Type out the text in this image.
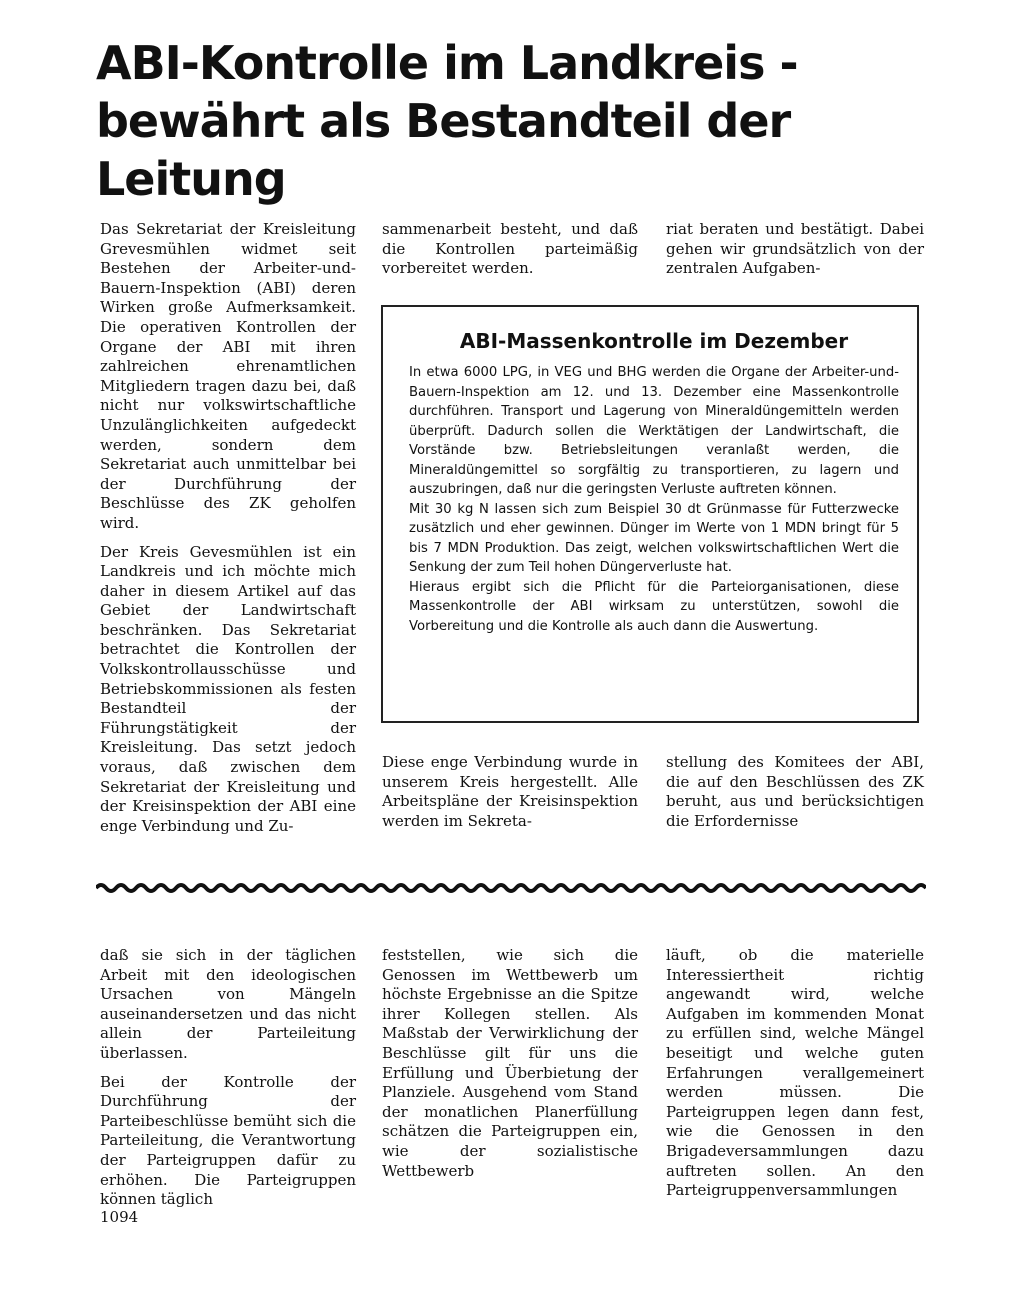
ABI-Kontrolle im Landkreis -
bewährt als Bestandteil der Leitung

Das Sekretariat der Kreisleitung Grevesmühlen widmet seit Bestehen der Arbeiter-und-Bauern-Inspektion (ABI) deren Wirken große Aufmerksamkeit. Die operativen Kontrollen der Organe der ABI mit ihren zahlreichen ehrenamtlichen Mitgliedern tragen dazu bei, daß nicht nur volkswirtschaftliche Unzulänglichkeiten aufgedeckt werden, sondern dem Sekretariat auch unmittelbar bei der Durchführung der Beschlüsse des ZK geholfen wird.

Der Kreis Gevesmühlen ist ein Landkreis und ich möchte mich daher in diesem Artikel auf das Gebiet der Landwirtschaft beschränken. Das Sekretariat betrachtet die Kontrollen der Volkskontrollausschüsse und Betriebskommissionen als festen Bestandteil der Führungstätigkeit der Kreisleitung. Das setzt jedoch voraus, daß zwischen dem Sekretariat der Kreisleitung und der Kreisinspektion der ABI eine enge Verbindung und Zu-

sammenarbeit besteht, und daß die Kontrollen parteimäßig vorbereitet werden.

riat beraten und bestätigt. Dabei gehen wir grundsätzlich von der zentralen Aufgaben-

ABI-Massenkontrolle im Dezember

In etwa 6000 LPG, in VEG und BHG werden die Organe der Arbeiter-und-Bauern-Inspektion am 12. und 13. Dezember eine Massenkontrolle durchführen. Transport und Lagerung von Mineraldüngemitteln werden überprüft. Dadurch sollen die Werktätigen der Landwirtschaft, die Vorstände bzw. Betriebsleitungen veranlaßt werden, die Mineraldüngemittel so sorgfältig zu transportieren, zu lagern und auszubringen, daß nur die geringsten Verluste auftreten können.

Mit 30 kg N lassen sich zum Beispiel 30 dt Grünmasse für Futterzwecke zusätzlich und eher gewinnen. Dünger im Werte von 1 MDN bringt für 5 bis 7 MDN Produktion. Das zeigt, welchen volkswirtschaftlichen Wert die Senkung der zum Teil hohen Düngerverluste hat.

Hieraus ergibt sich die Pflicht für die Parteiorganisationen, diese Massenkontrolle der ABI wirksam zu unterstützen, sowohl die Vorbereitung und die Kontrolle als auch dann die Auswertung.

Diese enge Verbindung wurde in unserem Kreis hergestellt. Alle Arbeitspläne der Kreisinspektion werden im Sekreta-

stellung des Komitees der ABI, die auf den Beschlüssen des ZK beruht, aus und berücksichtigen die Erfordernisse

daß sie sich in der täglichen Arbeit mit den ideologischen Ursachen von Mängeln auseinandersetzen und das nicht allein der Parteileitung überlassen.

Bei der Kontrolle der Durchführung der Parteibeschlüsse bemüht sich die Parteileitung, die Verantwortung der Parteigruppen dafür zu erhöhen. Die Parteigruppen können täglich

feststellen, wie sich die Genossen im Wettbewerb um höchste Ergebnisse an die Spitze ihrer Kollegen stellen. Als Maßstab der Verwirklichung der Beschlüsse gilt für uns die Erfüllung und Überbietung der Planziele. Ausgehend vom Stand der monatlichen Planerfüllung schätzen die Parteigruppen ein, wie der sozialistische Wettbewerb

läuft, ob die materielle Interessiertheit richtig angewandt wird, welche Aufgaben im kommenden Monat zu erfüllen sind, welche Mängel beseitigt und welche guten Erfahrungen verallgemeinert werden müssen. Die Parteigruppen legen dann fest, wie die Genossen in den Brigadeversammlungen dazu auftreten sollen. An den Parteigruppenversammlungen

1094
